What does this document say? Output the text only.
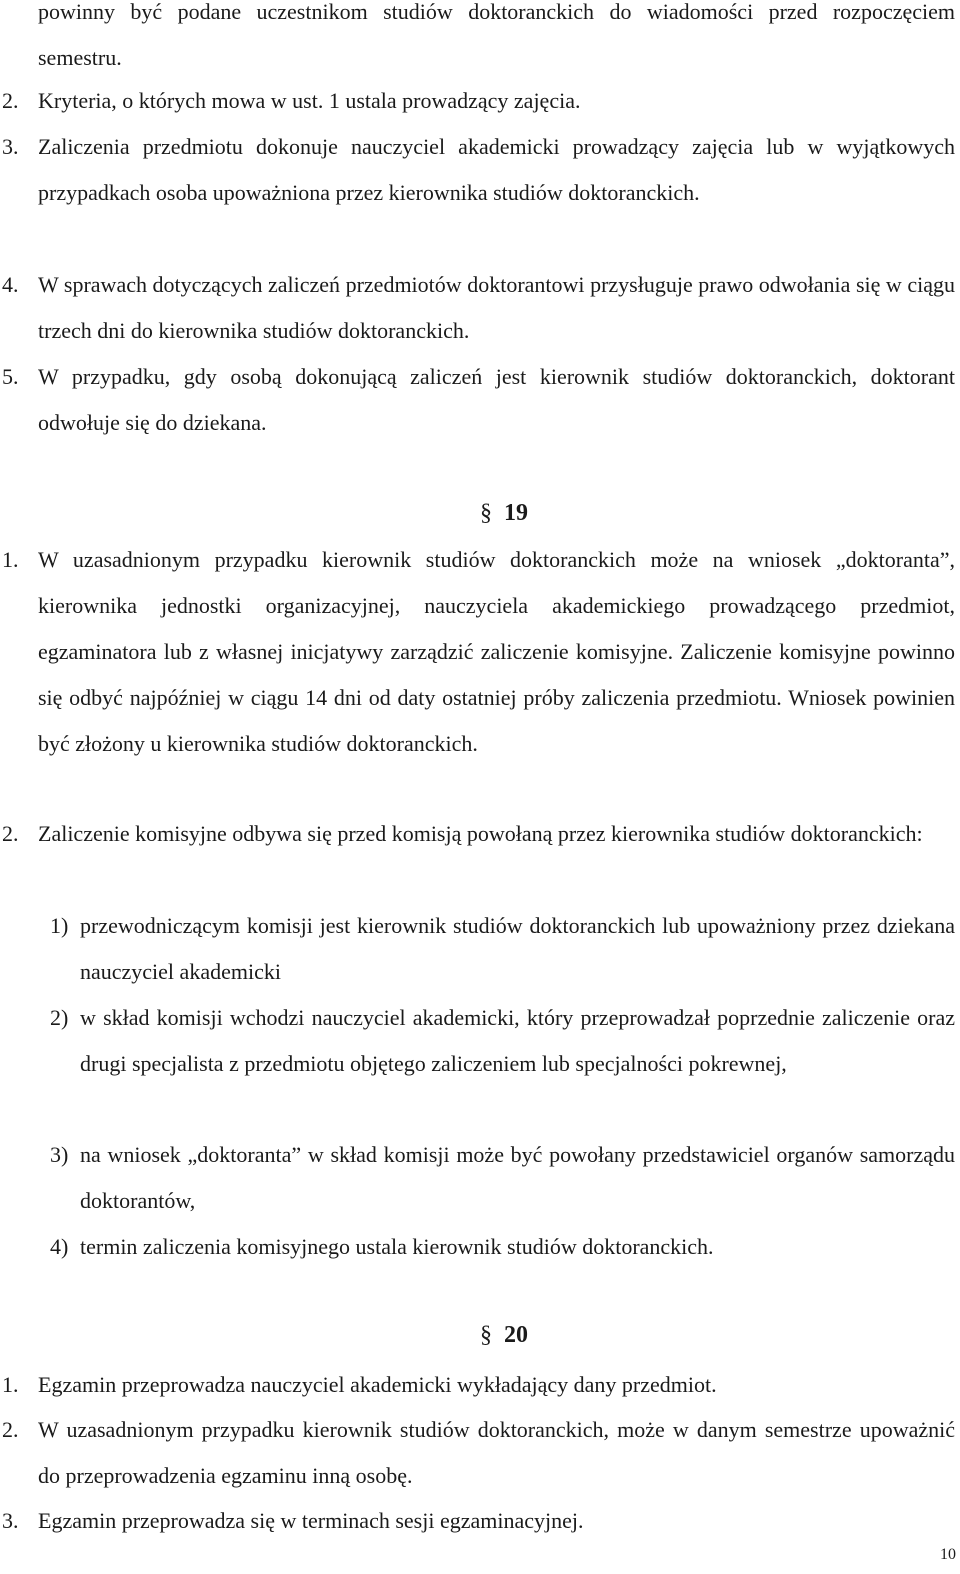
powinny być podane uczestnikom studiów doktoranckich do wiadomości przed rozpoczęciem semestru.

2. Kryteria, o których mowa w ust. 1 ustala prowadzący zajęcia.

3. Zaliczenia przedmiotu dokonuje nauczyciel akademicki prowadzący zajęcia lub w wyjątkowych przypadkach osoba upoważniona przez kierownika studiów doktoranckich.

4. W sprawach dotyczących zaliczeń przedmiotów doktorantowi przysługuje prawo odwołania się w ciągu trzech dni do kierownika studiów doktoranckich.

5. W przypadku, gdy osobą dokonującą zaliczeń jest kierownik studiów doktoranckich, doktorant odwołuje się do dziekana.

§ 19
1. W uzasadnionym przypadku kierownik studiów doktoranckich może na wniosek „doktoranta”, kierownika jednostki organizacyjnej, nauczyciela akademickiego prowadzącego przedmiot, egzaminatora lub z własnej inicjatywy zarządzić zaliczenie komisyjne. Zaliczenie komisyjne powinno się odbyć najpóźniej w ciągu 14 dni od daty ostatniej próby zaliczenia przedmiotu. Wniosek powinien być złożony u kierownika studiów doktoranckich.

2. Zaliczenie komisyjne odbywa się przed komisją powołaną przez kierownika studiów doktoranckich:

1) przewodniczącym komisji jest kierownik studiów doktoranckich lub upoważniony przez dziekana nauczyciel akademicki

2) w skład komisji wchodzi nauczyciel akademicki, który przeprowadzał poprzednie zaliczenie oraz drugi specjalista z przedmiotu objętego zaliczeniem lub specjalności pokrewnej,

3) na wniosek „doktoranta” w skład komisji może być powołany przedstawiciel organów samorządu doktorantów,

4) termin zaliczenia komisyjnego ustala kierownik studiów doktoranckich.

§ 20
1. Egzamin przeprowadza nauczyciel akademicki wykładający dany przedmiot.

2. W uzasadnionym przypadku kierownik studiów doktoranckich, może w danym semestrze upoważnić do przeprowadzenia egzaminu inną osobę.

3. Egzamin przeprowadza się w terminach sesji egzaminacyjnej.

10
